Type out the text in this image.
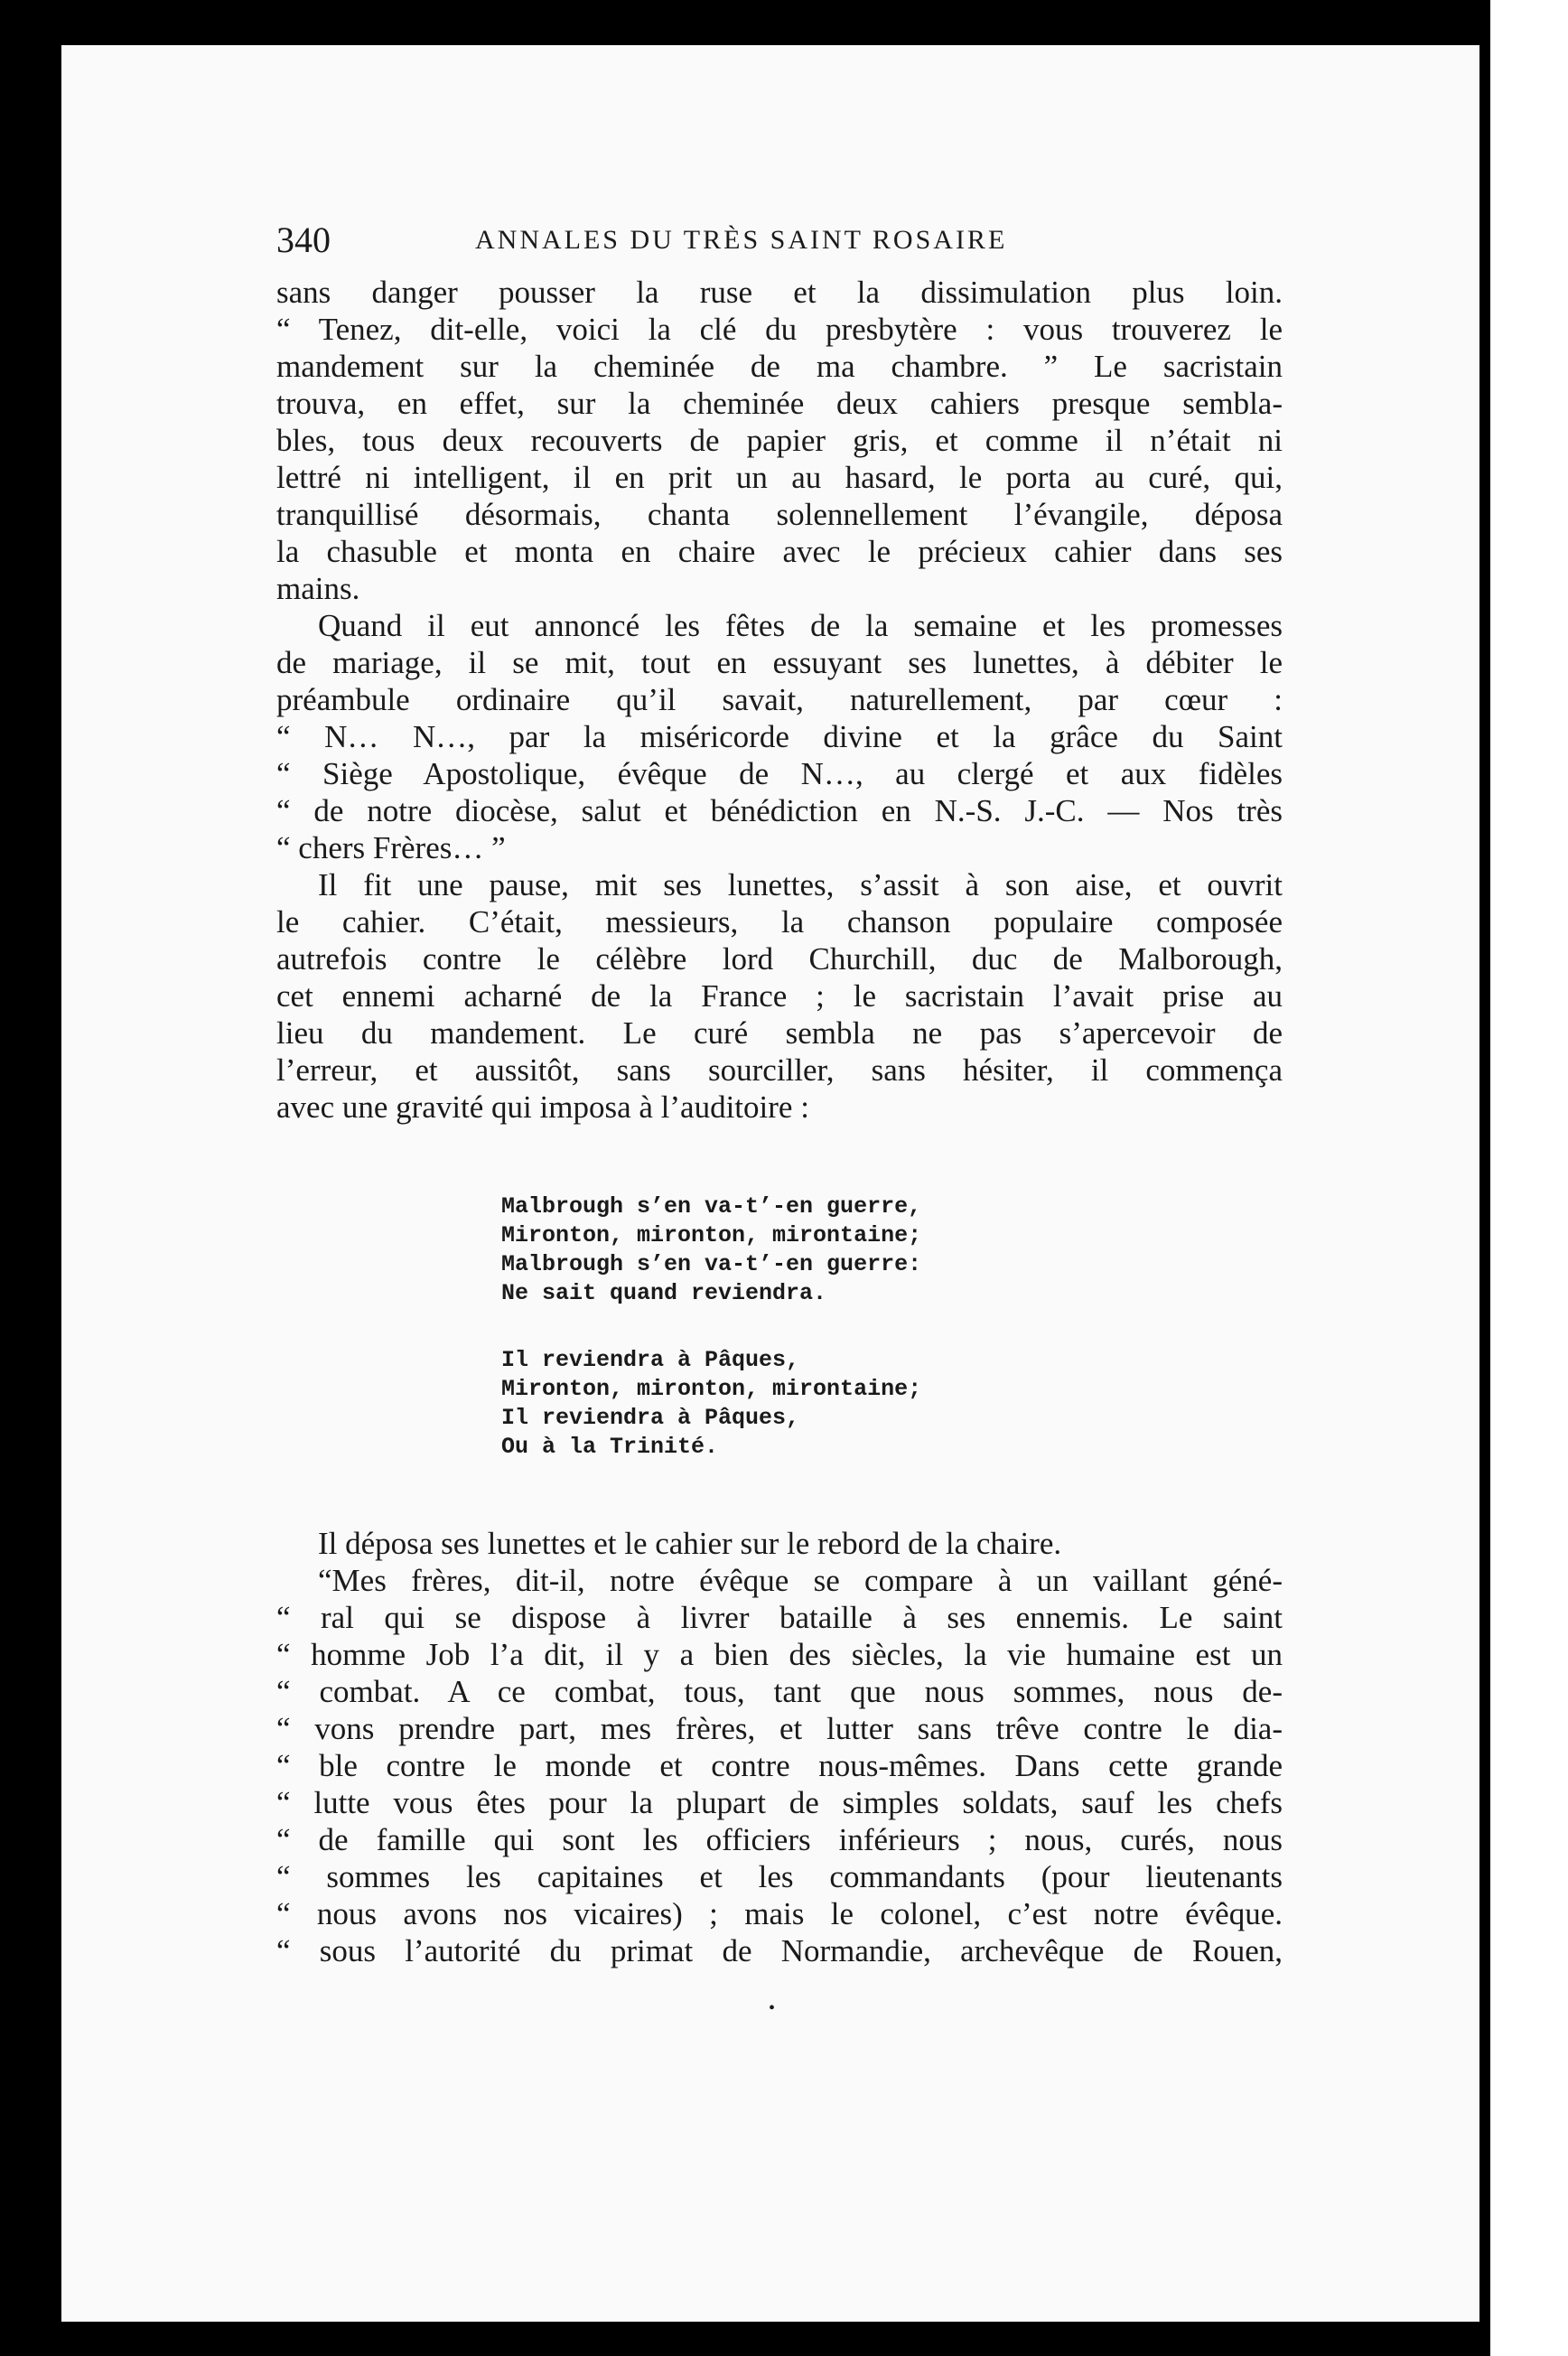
340	ANNALES DU TRÈS SAINT ROSAIRE
sans danger pousser la ruse et la dissimulation plus loin.
“ Tenez, dit-elle, voici la clé du presbytère : vous trouverez le
mandement sur la cheminée de ma chambre. ” Le sacristain
trouva, en effet, sur la cheminée deux cahiers presque sembla-
bles, tous deux recouverts de papier gris, et comme il n’était ni
lettré ni intelligent, il en prit un au hasard, le porta au curé, qui,
tranquillisé désormais, chanta solennellement l’évangile, déposa
la chasuble et monta en chaire avec le précieux cahier dans ses
mains.
Quand il eut annoncé les fêtes de la semaine et les promesses
de mariage, il se mit, tout en essuyant ses lunettes, à débiter le
préambule ordinaire qu’il savait, naturellement, par cœur :
“ N… N…, par la miséricorde divine et la grâce du Saint
“ Siège Apostolique, évêque de N…, au clergé et aux fidèles
“ de notre diocèse, salut et bénédiction en N.-S. J.-C. — Nos très
“ chers Frères… ”
Il fit une pause, mit ses lunettes, s’assit à son aise, et ouvrit
le cahier. C’était, messieurs, la chanson populaire composée
autrefois contre le célèbre lord Churchill, duc de Malborough,
cet ennemi acharné de la France ; le sacristain l’avait prise au
lieu du mandement. Le curé sembla ne pas s’apercevoir de
l’erreur, et aussitôt, sans sourciller, sans hésiter, il commença
avec une gravité qui imposa à l’auditoire :
Malbrough s’en va-t’-en guerre,
Mironton, mironton, mirontaine;
Malbrough s’en va-t’-en guerre:
Ne sait quand reviendra.
Il reviendra à Pâques,
Mironton, mironton, mirontaine;
Il reviendra à Pâques,
Ou à la Trinité.
Il déposa ses lunettes et le cahier sur le rebord de la chaire.
“Mes frères, dit-il, notre évêque se compare à un vaillant géné-
“ ral qui se dispose à livrer bataille à ses ennemis. Le saint
“ homme Job l’a dit, il y a bien des siècles, la vie humaine est un
“ combat. A ce combat, tous, tant que nous sommes, nous de-
“ vons prendre part, mes frères, et lutter sans trêve contre le dia-
“ ble contre le monde et contre nous-mêmes. Dans cette grande
“ lutte vous êtes pour la plupart de simples soldats, sauf les chefs
“ de famille qui sont les officiers inférieurs ; nous, curés, nous
“ sommes les capitaines et les commandants (pour lieutenants
“ nous avons nos vicaires) ; mais le colonel, c’est notre évêque.
“ sous l’autorité du primat de Normandie, archevêque de Rouen,
•
